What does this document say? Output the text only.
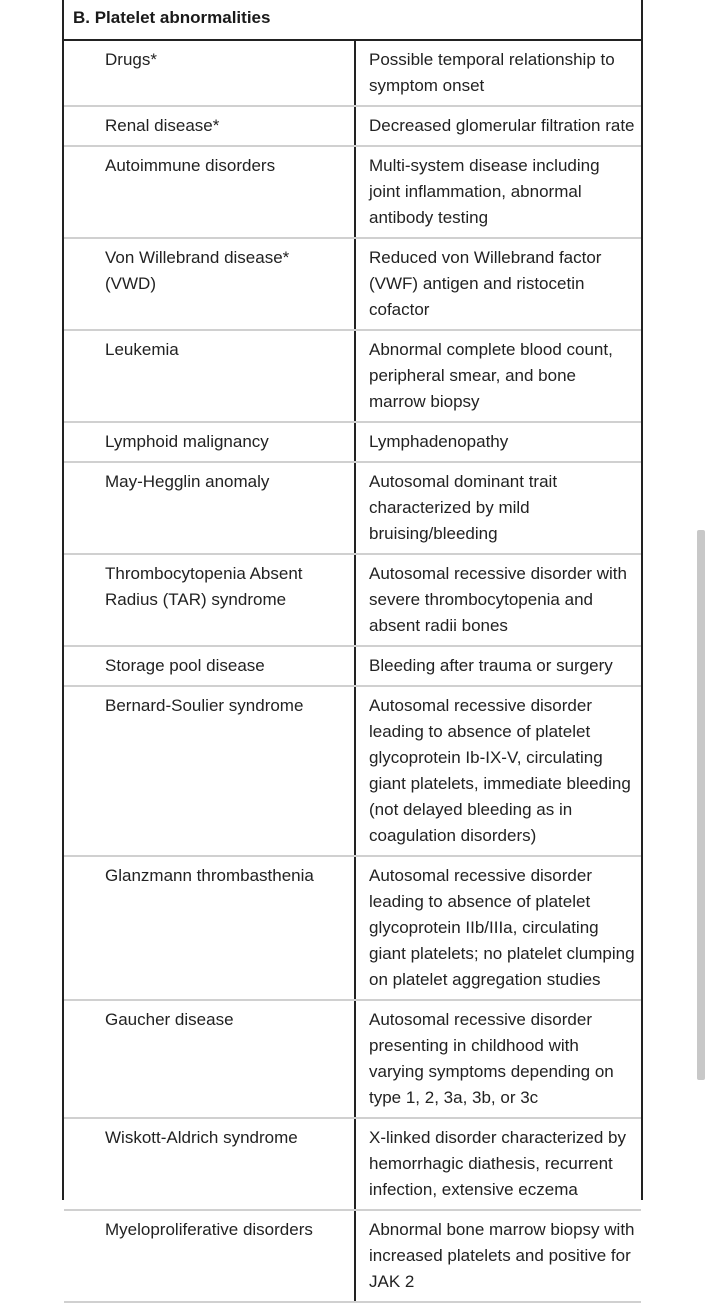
B. Platelet abnormalities
Drugs*	Possible temporal relationship to symptom onset
Renal disease*	Decreased glomerular filtration rate
Autoimmune disorders	Multi-system disease including joint inflammation, abnormal antibody testing
Von Willebrand disease* (VWD)	Reduced von Willebrand factor (VWF) antigen and ristocetin cofactor
Leukemia	Abnormal complete blood count, peripheral smear, and bone marrow biopsy
Lymphoid malignancy	Lymphadenopathy
May-Hegglin anomaly	Autosomal dominant trait characterized by mild bruising/bleeding
Thrombocytopenia Absent Radius (TAR) syndrome	Autosomal recessive disorder with severe thrombocytopenia and absent radii bones
Storage pool disease	Bleeding after trauma or surgery
Bernard-Soulier syndrome	Autosomal recessive disorder leading to absence of platelet glycoprotein Ib-IX-V, circulating giant platelets, immediate bleeding (not delayed bleeding as in coagulation disorders)
Glanzmann thrombasthenia	Autosomal recessive disorder leading to absence of platelet glycoprotein IIb/IIIa, circulating giant platelets; no platelet clumping on platelet aggregation studies
Gaucher disease	Autosomal recessive disorder presenting in childhood with varying symptoms depending on type 1, 2, 3a, 3b, or 3c
Wiskott-Aldrich syndrome	X-linked disorder characterized by hemorrhagic diathesis, recurrent infection, extensive eczema
Myeloproliferative disorders	Abnormal bone marrow biopsy with increased platelets and positive for JAK 2
